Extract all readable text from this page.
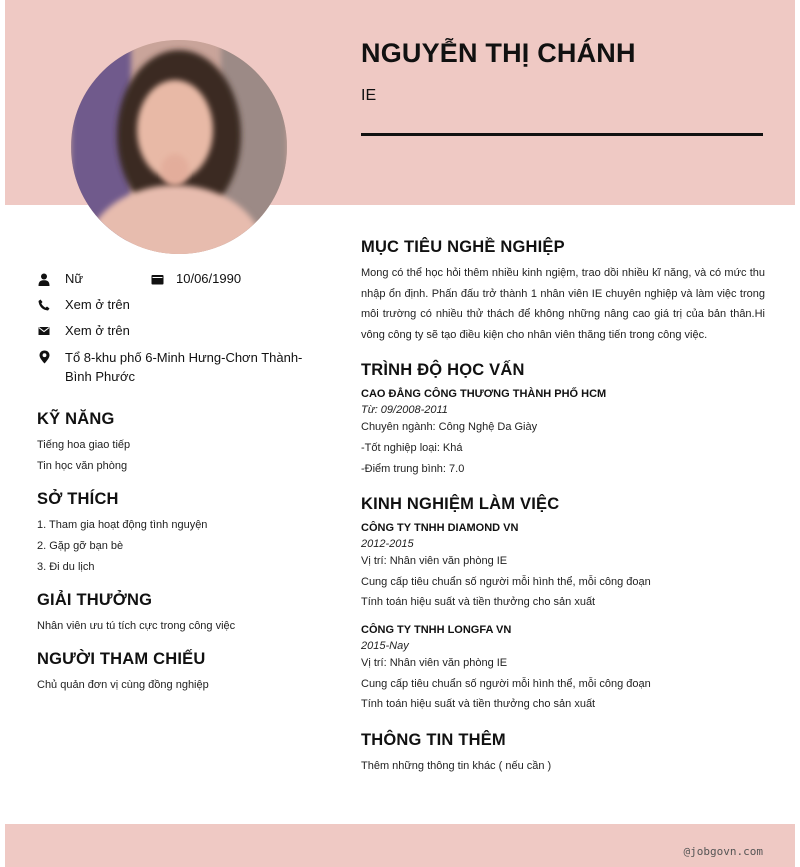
NGUYỄN THỊ CHÁNH
IE
Nữ	10/06/1990
Xem ở trên
Xem ở trên
Tổ 8-khu phố 6-Minh Hưng-Chơn Thành-Bình Phước
KỸ NĂNG
Tiếng hoa giao tiếp
Tin học văn phòng
SỞ THÍCH
1. Tham gia hoạt động tình nguyện
2. Gặp gỡ bạn bè
3. Đi du lịch
GIẢI THƯỞNG
Nhân viên ưu tú tích cực trong công việc
NGƯỜI THAM CHIẾU
Chủ quản đơn vị cùng đồng nghiệp
MỤC TIÊU NGHỀ NGHIỆP
Mong có thể học hỏi thêm nhiều kinh ngiệm, trao dồi nhiều kĩ năng, và có mức thu nhập ổn định. Phấn đấu trở thành 1 nhân viên IE chuyên nghiệp và làm việc trong môi trường có nhiều thử thách để không những nâng cao giá trị của bản thân.Hi vông công ty sẽ tạo điều kiện cho nhân viên thăng tiến trong công việc.
TRÌNH ĐỘ HỌC VẤN
CAO ĐẲNG CÔNG THƯƠNG THÀNH PHỐ HCM
Từ: 09/2008-2011
Chuyên ngành: Công Nghệ Da Giày
-Tốt nghiệp loại: Khá
-Điểm trung bình: 7.0
KINH NGHIỆM LÀM VIỆC
CÔNG TY TNHH DIAMOND VN
2012-2015
Vị trí: Nhân viên văn phòng IE
Cung cấp tiêu chuẩn số người mỗi hình thể, mỗi công đoạn
Tính toán hiệu suất và tiền thưởng cho sản xuất
CÔNG TY TNHH LONGFA VN
2015-Nay
Vị trí: Nhân viên văn phòng IE
Cung cấp tiêu chuẩn số người mỗi hình thể, mỗi công đoạn
Tính toán hiệu suất và tiền thưởng cho sản xuất
THÔNG TIN THÊM
Thêm những thông tin khác ( nếu cần )
@jobgovn.com
